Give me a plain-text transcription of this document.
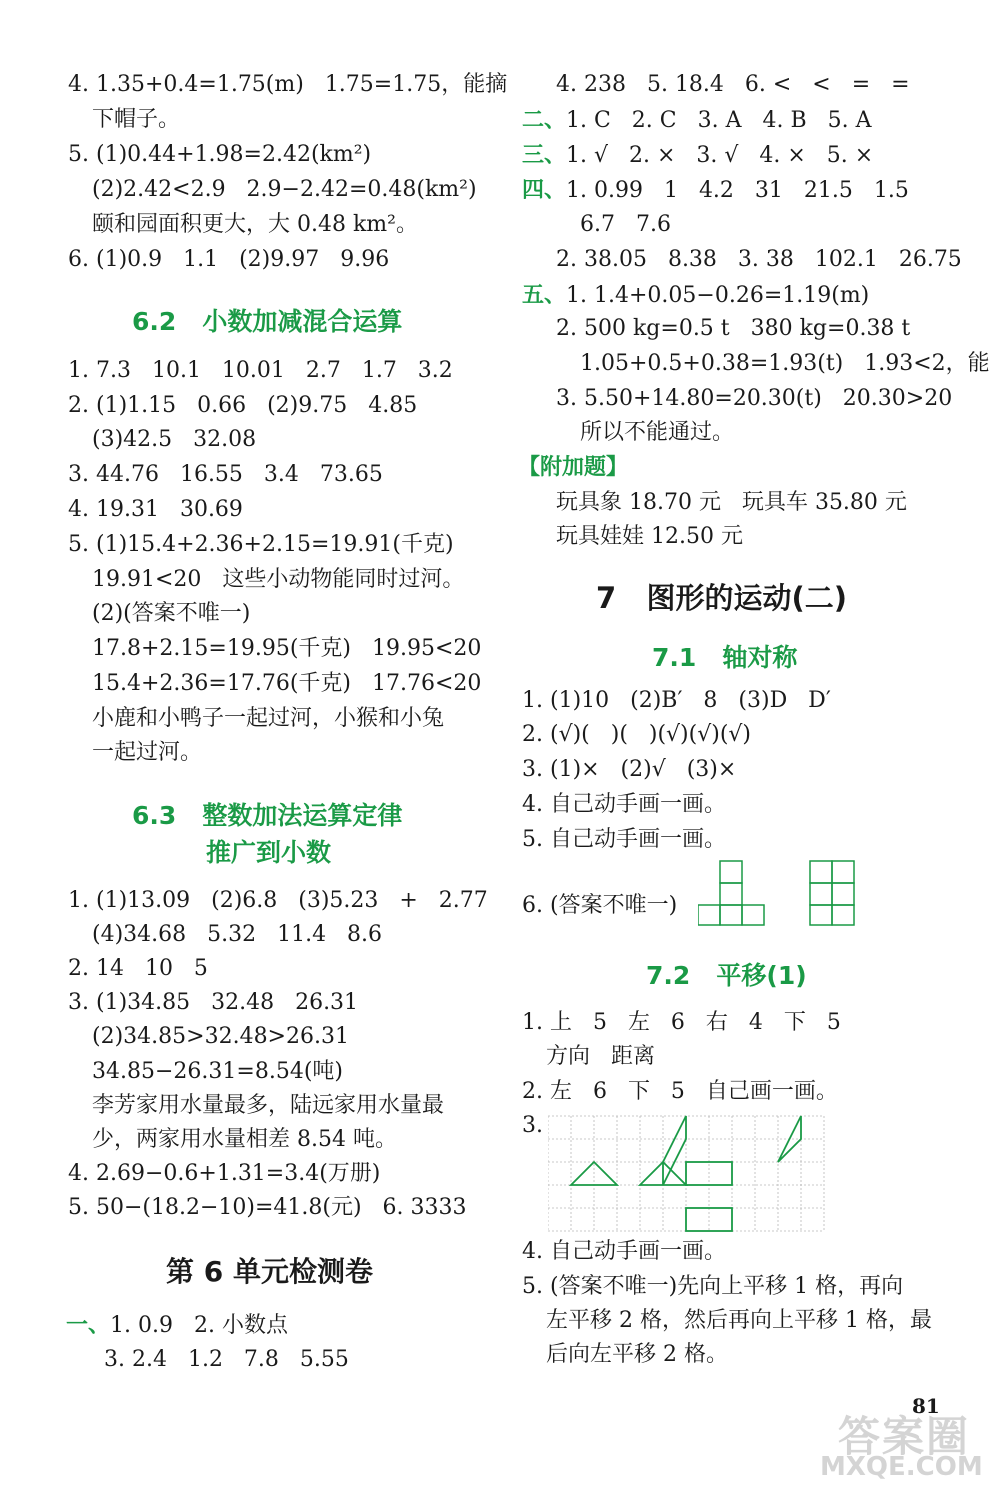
4. 1.35+0.4=1.75(m)   1.75=1.75，能摘
下帽子。
5. (1)0.44+1.98=2.42(km²)
(2)2.42<2.9   2.9−2.42=0.48(km²)
颐和园面积更大，大 0.48 km²。
6. (1)0.9   1.1   (2)9.97   9.96
6.2   小数加减混合运算
1. 7.3   10.1   10.01   2.7   1.7   3.2
2. (1)1.15   0.66   (2)9.75   4.85
(3)42.5   32.08
3. 44.76   16.55   3.4   73.65
4. 19.31   30.69
5. (1)15.4+2.36+2.15=19.91(千克)
19.91<20   这些小动物能同时过河。
(2)(答案不唯一)
17.8+2.15=19.95(千克)   19.95<20
15.4+2.36=17.76(千克)   17.76<20
小鹿和小鸭子一起过河，小猴和小兔
一起过河。
6.3   整数加法运算定律
推广到小数
1. (1)13.09   (2)6.8   (3)5.23   +   2.77
(4)34.68   5.32   11.4   8.6
2. 14   10   5
3. (1)34.85   32.48   26.31
(2)34.85>32.48>26.31
34.85−26.31=8.54(吨)
李芳家用水量最多，陆远家用水量最
少，两家用水量相差 8.54 吨。
4. 2.69−0.6+1.31=3.4(万册)
5. 50−(18.2−10)=41.8(元)   6. 3333
第 6 单元检测卷
一、1. 0.9   2. 小数点
3. 2.4   1.2   7.8   5.55
4. 238   5. 18.4   6. <   <   =   =
二、1. C   2. C   3. A   4. B   5. A
三、1. √   2. ×   3. √   4. ×   5. ×
四、1. 0.99   1   4.2   31   21.5   1.5
6.7   7.6
2. 38.05   8.38   3. 38   102.1   26.75
五、1. 1.4+0.05−0.26=1.19(m)
2. 500 kg=0.5 t   380 kg=0.38 t
1.05+0.5+0.38=1.93(t)   1.93<2，能
3. 5.50+14.80=20.30(t)   20.30>20
所以不能通过。
【附加题】
玩具象 18.70 元   玩具车 35.80 元
玩具娃娃 12.50 元
7   图形的运动(二)
7.1   轴对称
1. (1)10   (2)B′   8   (3)D   D′
2. (√)(   )(   )(√)(√)(√)
3. (1)×   (2)√   (3)×
4. 自己动手画一画。
5. 自己动手画一画。
6. (答案不唯一)
7.2   平移(1)
1. 上   5   左   6   右   4   下   5
方向   距离
2. 左   6   下   5   自己画一画。
3.
4. 自己动手画一画。
5. (答案不唯一)先向上平移 1 格，再向
左平移 2 格，然后再向上平移 1 格，最
后向左平移 2 格。
81
答案圈
MXQE.COM
